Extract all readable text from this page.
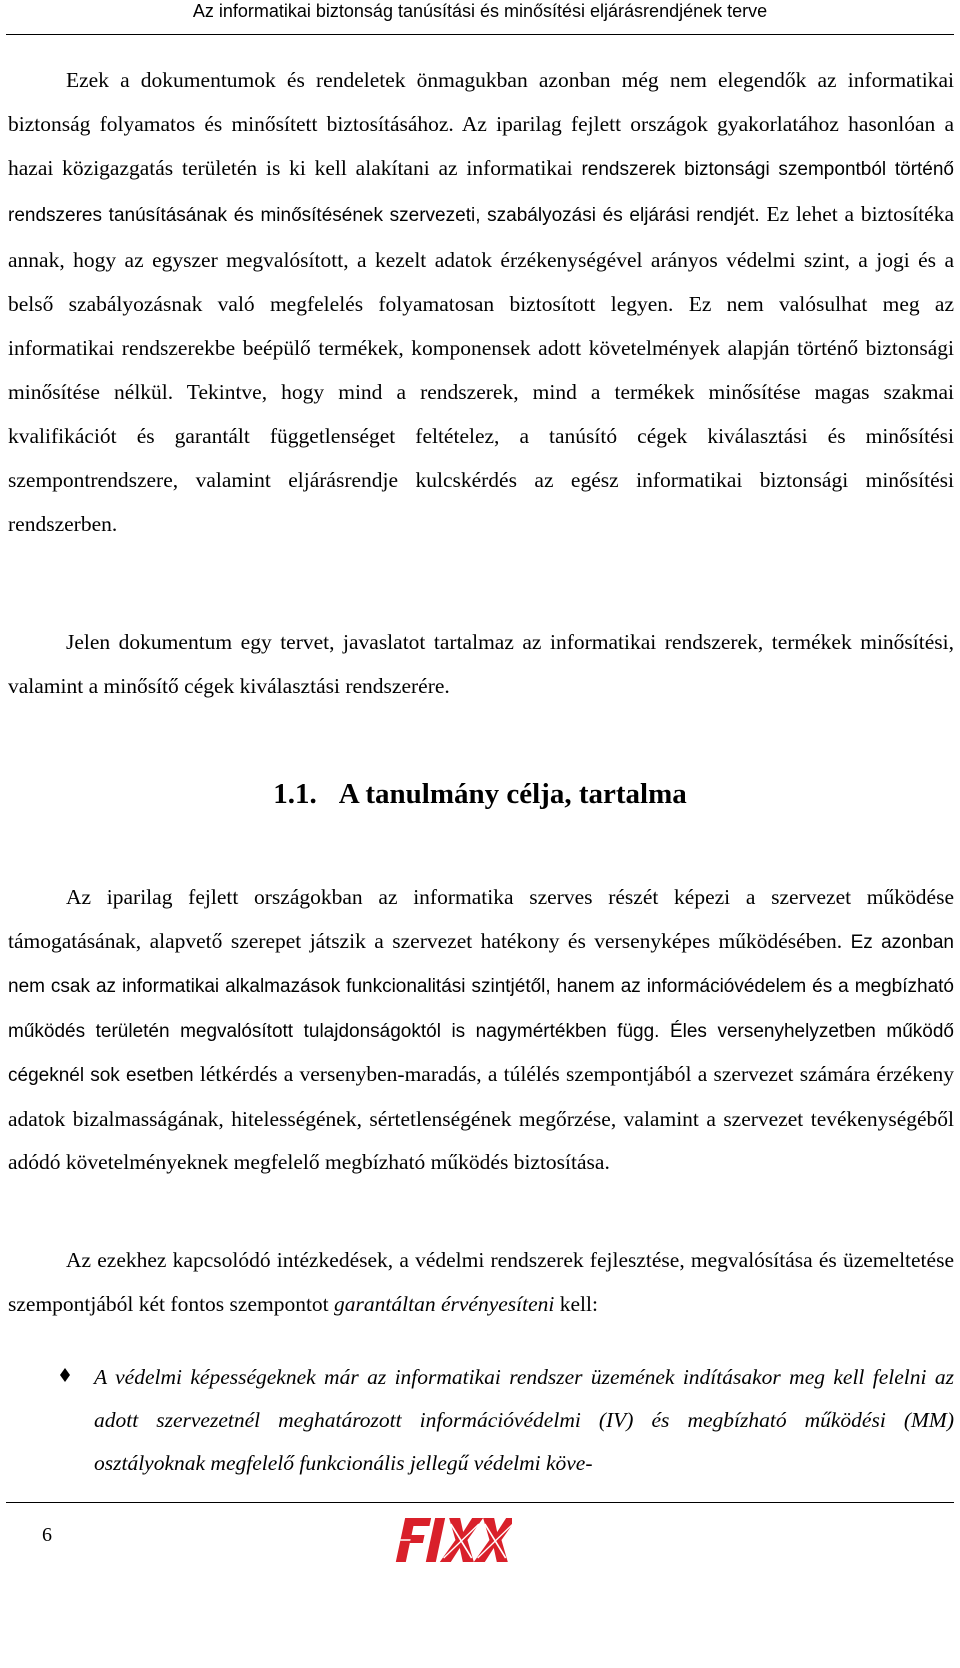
Az informatikai biztonság tanúsítási és minősítési eljárásrendjének terve
Ezek a dokumentumok és rendeletek önmagukban azonban még nem elegendők az informatikai biztonság folyamatos és minősített biztosításához. Az iparilag fejlett országok gyakorlatához hasonlóan a hazai közigazgatás területén is ki kell alakítani az informatikai rendszerek biztonsági szempontból történő rendszeres tanúsításának és minősítésének szervezeti, szabályozási és eljárási rendjét. Ez lehet a biztosítéka annak, hogy az egyszer megvalósított, a kezelt adatok érzékenységével arányos védelmi szint, a jogi és a belső szabályozásnak való megfelelés folyamatosan biztosított legyen. Ez nem valósulhat meg az informatikai rendszerekbe beépülő termékek, komponensek adott követelmények alapján történő biztonsági minősítése nélkül. Tekintve, hogy mind a rendszerek, mind a termékek minősítése magas szakmai kvalifikációt és garantált függetlenséget feltételez, a tanúsító cégek kiválasztási és minősítési szempontrendszere, valamint eljárásrendje kulcskérdés az egész informatikai biztonsági minősítési rendszerben.

Jelen dokumentum egy tervet, javaslatot tartalmaz az informatikai rendszerek, termékek minősítési, valamint a minősítő cégek kiválasztási rendszerére.

1.1. A tanulmány célja, tartalma

Az iparilag fejlett országokban az informatika szerves részét képezi a szervezet működése támogatásának, alapvető szerepet játszik a szervezet hatékony és versenyképes működésében. Ez azonban nem csak az informatikai alkalmazások funkcionalitási szintjétől, hanem az információvédelem és a megbízható működés területén megvalósított tulajdonságoktól is nagymértékben függ. Éles versenyhelyzetben működő cégeknél sok esetben létkérdés a versenyben-maradás, a túlélés szempontjából a szervezet számára érzékeny adatok bizalmasságának, hitelességének, sértetlenségének megőrzése, valamint a szervezet tevékenységéből adódó követelményeknek megfelelő megbízható működés biztosítása.

Az ezekhez kapcsolódó intézkedések, a védelmi rendszerek fejlesztése, megvalósítása és üzemeltetése szempontjából két fontos szempontot garantáltan érvényesíteni kell:

A védelmi képességeknek már az informatikai rendszer üzemének indításakor meg kell felelni az adott szervezetnél meghatározott információvédelmi (IV) és megbízható működési (MM) osztályoknak megfelelő funkcionális jellegű védelmi köve-
6
